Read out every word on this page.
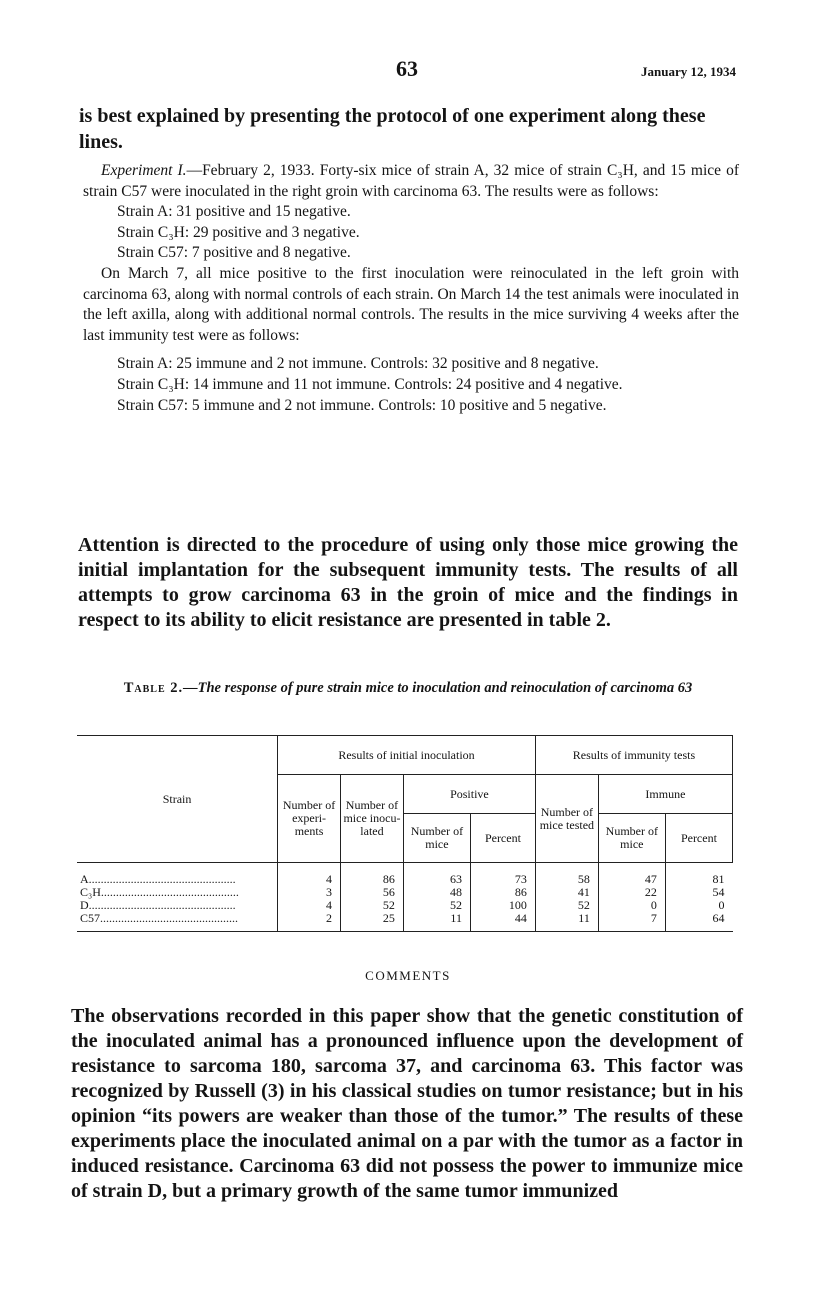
63	January 12, 1934
is best explained by presenting the protocol of one experiment along these lines.

Experiment I.—February 2, 1933. Forty-six mice of strain A, 32 mice of strain C₃H, and 15 mice of strain C57 were inoculated in the right groin with carcinoma 63. The results were as follows:

Strain A: 31 positive and 15 negative.

Strain C₃H: 29 positive and 3 negative.

Strain C57: 7 positive and 8 negative.

On March 7, all mice positive to the first inoculation were reinoculated in the left groin with carcinoma 63, along with normal controls of each strain. On March 14 the test animals were inoculated in the left axilla, along with additional normal controls. The results in the mice surviving 4 weeks after the last immunity test were as follows:

Strain A: 25 immune and 2 not immune. Controls: 32 positive and 8 negative.

Strain C₃H: 14 immune and 11 not immune. Controls: 24 positive and 4 negative.

Strain C57: 5 immune and 2 not immune. Controls: 10 positive and 5 negative.

Attention is directed to the procedure of using only those mice growing the initial implantation for the subsequent immunity tests. The results of all attempts to grow carcinoma 63 in the groin of mice and the findings in respect to its ability to elicit resistance are presented in table 2.
Table 2.—The response of pure strain mice to inoculation and reinoculation of carcinoma 63
Strain	Results of initial inoculation				Results of immunity tests		
	Number of experi- ments	Number of mice inocu- lated	Positive		Number of mice tested	Immune	
			Number of mice	Percent		Number of mice	Percent
A.................................................	4	86	63	73	58	47	81
C₃H..............................................	3	56	48	86	41	22	54
D.................................................	4	52	52	100	52	0	0
C57..............................................	2	25	11	44	11	7	64
COMMENTS
The observations recorded in this paper show that the genetic constitution of the inoculated animal has a pronounced influence upon the development of resistance to sarcoma 180, sarcoma 37, and carcinoma 63. This factor was recognized by Russell (3) in his classical studies on tumor resistance; but in his opinion “its powers are weaker than those of the tumor.” The results of these experiments place the inoculated animal on a par with the tumor as a factor in induced resistance. Carcinoma 63 did not possess the power to immunize mice of strain D, but a primary growth of the same tumor immunized
